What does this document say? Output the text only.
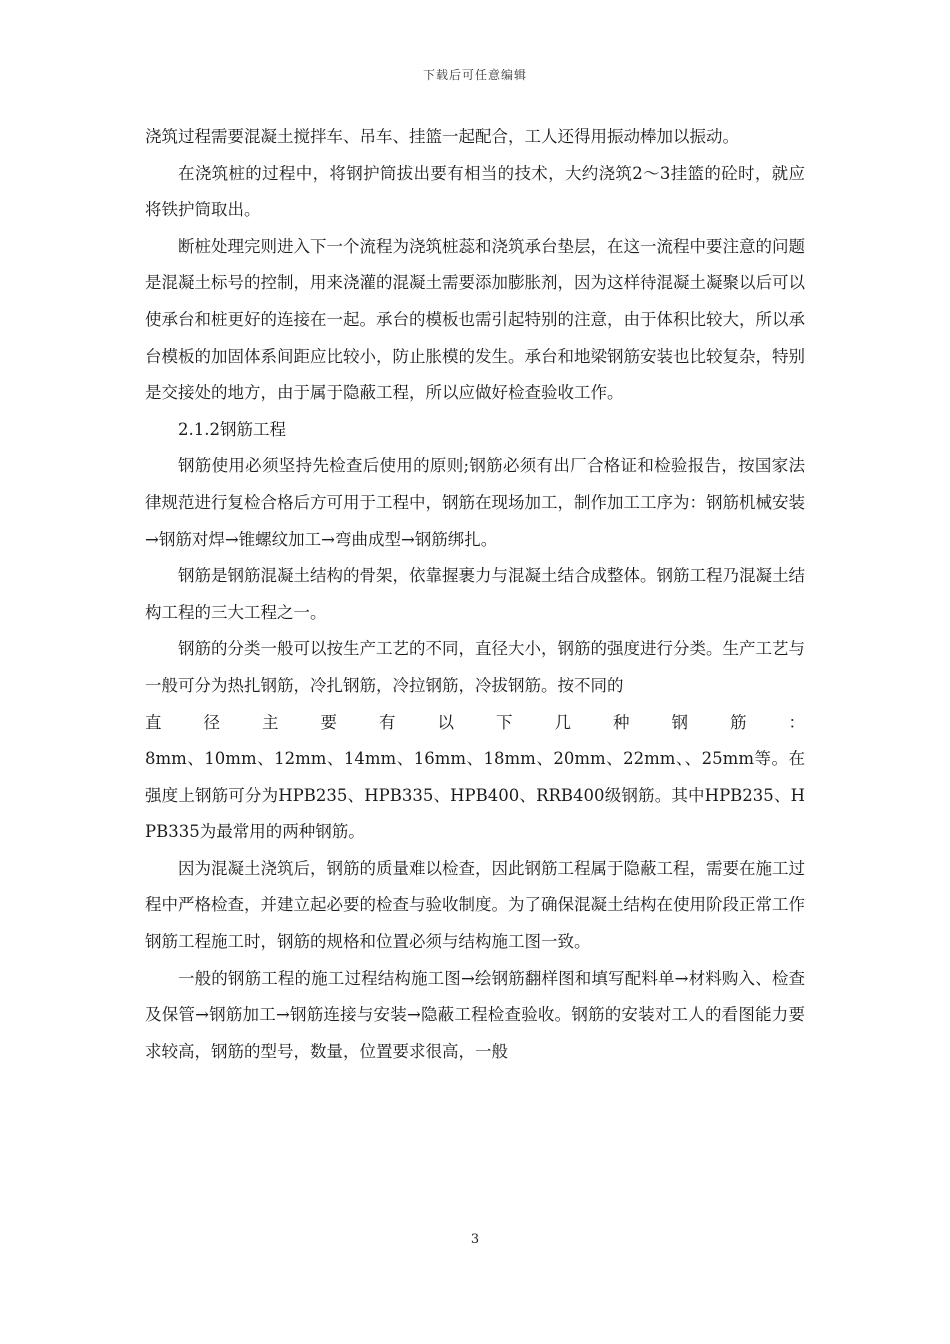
下载后可任意编辑

浇筑过程需要混凝土搅拌车、吊车、挂篮一起配合，工人还得用振动棒加以振动。

在浇筑桩的过程中，将钢护筒拔出要有相当的技术，大约浇筑2～3挂篮的砼时，就应将铁护筒取出。

断桩处理完则进入下一个流程为浇筑桩蕊和浇筑承台垫层，在这一流程中要注意的问题是混凝土标号的控制，用来浇灌的混凝土需要添加膨胀剂，因为这样待混凝土凝聚以后可以使承台和桩更好的连接在一起。承台的模板也需引起特别的注意，由于体积比较大，所以承台模板的加固体系间距应比较小，防止胀模的发生。承台和地梁钢筋安装也比较复杂，特别是交接处的地方，由于属于隐蔽工程，所以应做好检查验收工作。

2.1.2钢筋工程

钢筋使用必须坚持先检查后使用的原则;钢筋必须有出厂合格证和检验报告，按国家法律规范进行复检合格后方可用于工程中，钢筋在现场加工，制作加工工序为：钢筋机械安装→钢筋对焊→锥螺纹加工→弯曲成型→钢筋绑扎。

钢筋是钢筋混凝土结构的骨架，依靠握裹力与混凝土结合成整体。钢筋工程乃混凝土结构工程的三大工程之一。

钢筋的分类一般可以按生产工艺的不同，直径大小，钢筋的强度进行分类。生产工艺与一般可分为热扎钢筋，冷扎钢筋，冷拉钢筋，冷拔钢筋。按不同的

直	径	主	要	有	以	下	几	种	钢	筋	：

8mm、10mm、12mm、14mm、16mm、18mm、20mm、22mm、、25mm等。在强度上钢筋可分为HPB235、HPB335、HPB400、RRB400级钢筋。其中HPB235、HPB335为最常用的两种钢筋。

因为混凝土浇筑后，钢筋的质量难以检查，因此钢筋工程属于隐蔽工程，需要在施工过程中严格检查，并建立起必要的检查与验收制度。为了确保混凝土结构在使用阶段正常工作钢筋工程施工时，钢筋的规格和位置必须与结构施工图一致。

一般的钢筋工程的施工过程结构施工图→绘钢筋翻样图和填写配料单→材料购入、检查及保管→钢筋加工→钢筋连接与安装→隐蔽工程检查验收。钢筋的安装对工人的看图能力要求较高，钢筋的型号，数量，位置要求很高，一般

3
